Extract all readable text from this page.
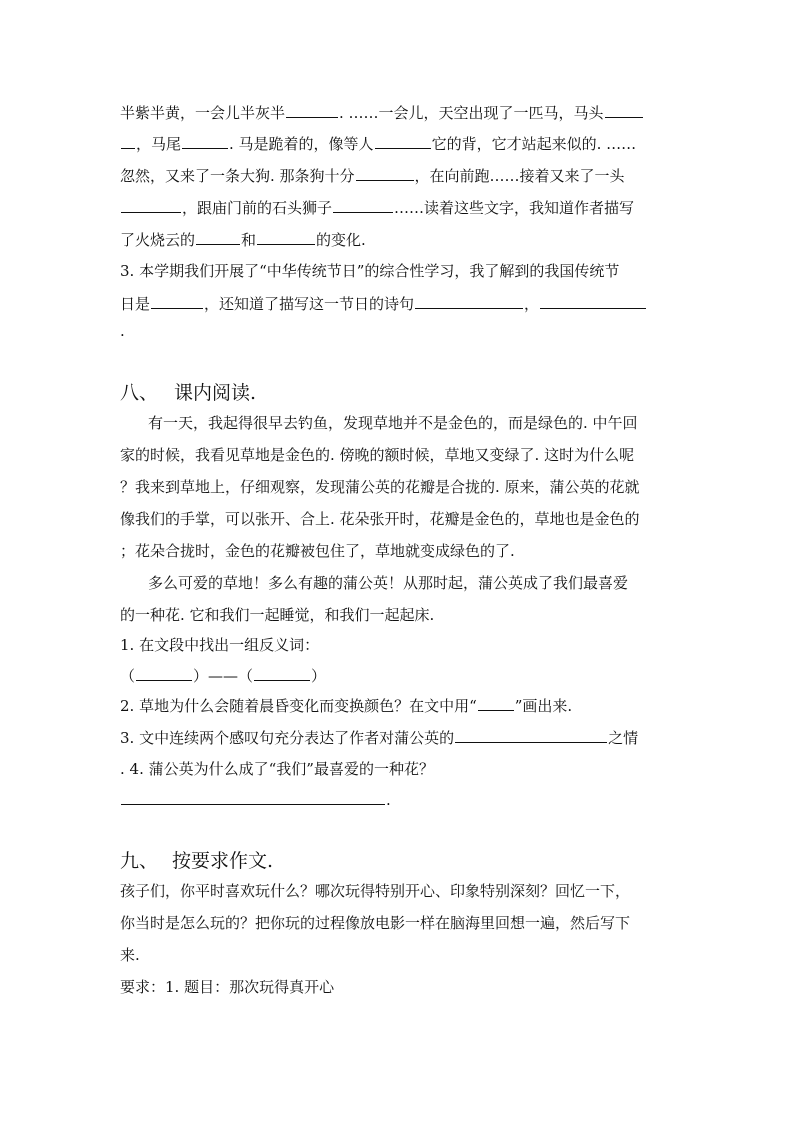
半紫半黄，一会儿半灰半	. ……一会儿，天空出现了一匹马，马头
，马尾	. 马是跪着的，像等人	它的背，它才站起来似的. ……
忽然，又来了一条大狗. 那条狗十分	，在向前跑……接着又来了一头
，跟庙门前的石头狮子	……读着这些文字，我知道作者描写
了火烧云的	和	的变化.
3. 本学期我们开展了“中华传统节日”的综合性学习，我了解到的我国传统节
日是	，还知道了描写这一节日的诗句	，
.
八、 课内阅读.
有一天，我起得很早去钓鱼，发现草地并不是金色的，而是绿色的. 中午回
家的时候，我看见草地是金色的. 傍晚的额时候，草地又变绿了. 这时为什么呢
？我来到草地上，仔细观察，发现蒲公英的花瓣是合拢的. 原来，蒲公英的花就
像我们的手掌，可以张开、合上. 花朵张开时，花瓣是金色的，草地也是金色的
；花朵合拢时，金色的花瓣被包住了，草地就变成绿色的了.
多么可爱的草地！多么有趣的蒲公英！从那时起，蒲公英成了我们最喜爱
的一种花. 它和我们一起睡觉，和我们一起起床.
1. 在文段中找出一组反义词：
（	）——（	）
2. 草地为什么会随着晨昏变化而变换颜色？在文中用“	”画出来.
3. 文中连续两个感叹句充分表达了作者对蒲公英的	之情
. 4. 蒲公英为什么成了“我们”最喜爱的一种花？
.
九、 按要求作文.
孩子们，你平时喜欢玩什么？哪次玩得特别开心、印象特别深刻？回忆一下，
你当时是怎么玩的？把你玩的过程像放电影一样在脑海里回想一遍，然后写下
来.
要求：1. 题目：那次玩得真开心
